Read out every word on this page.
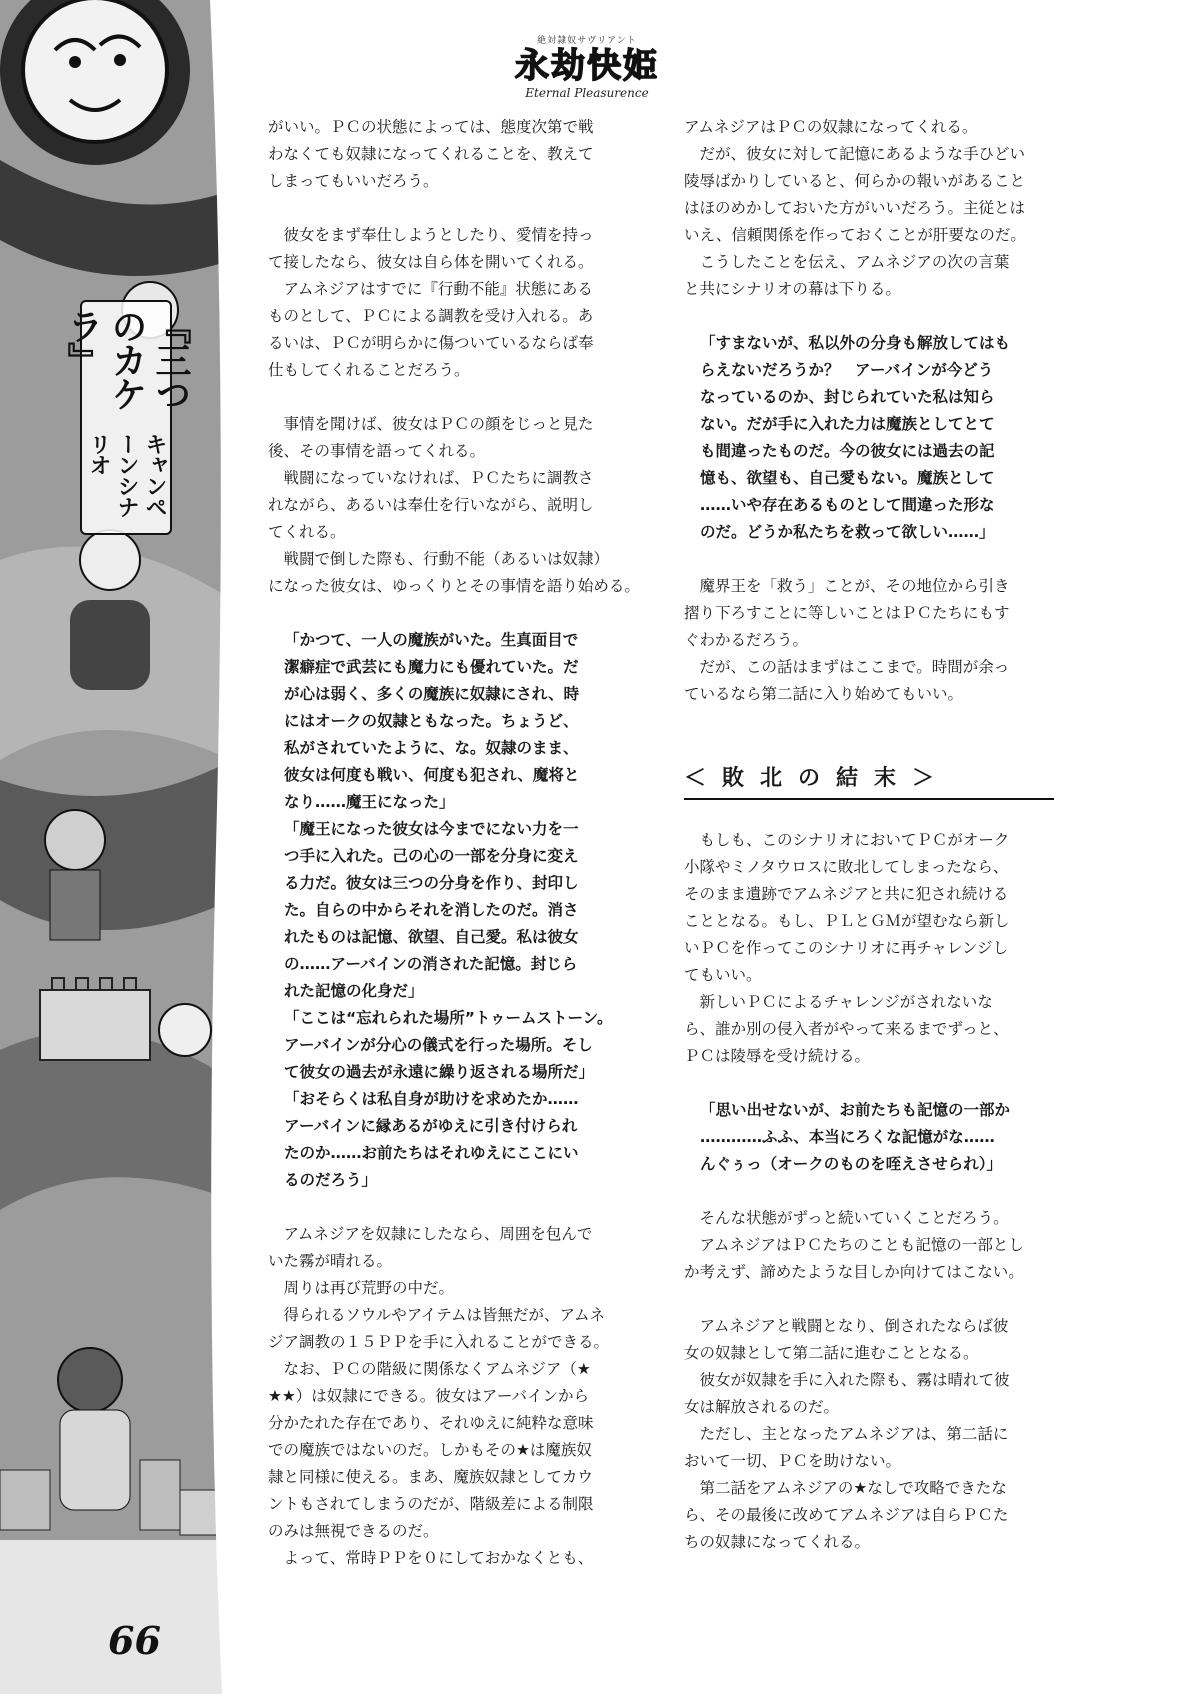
『三つのカケラ』
キャンペーンシナリオ
66
絶対隷奴サヴリアント
永劫快姫
Eternal Pleasurence

がいい。ＰＣの状態によっては、態度次第で戦

わなくても奴隷になってくれることを、教えて

しまってもいいだろう。

　彼女をまず奉仕しようとしたり、愛情を持っ

て接したなら、彼女は自ら体を開いてくれる。

　アムネジアはすでに『行動不能』状態にある

ものとして、ＰＣによる調教を受け入れる。あ

るいは、ＰＣが明らかに傷ついているならば奉

仕もしてくれることだろう。

　事情を聞けば、彼女はＰＣの顔をじっと見た

後、その事情を語ってくれる。

　戦闘になっていなければ、ＰＣたちに調教さ

れながら、あるいは奉仕を行いながら、説明し

てくれる。

　戦闘で倒した際も、行動不能（あるいは奴隷）

になった彼女は、ゆっくりとその事情を語り始める。

「かつて、一人の魔族がいた。生真面目で

潔癖症で武芸にも魔力にも優れていた。だ

が心は弱く、多くの魔族に奴隷にされ、時

にはオークの奴隷ともなった。ちょうど、

私がされていたように、な。奴隷のまま、

彼女は何度も戦い、何度も犯され、魔将と

なり……魔王になった」

「魔王になった彼女は今までにない力を一

つ手に入れた。己の心の一部を分身に変え

る力だ。彼女は三つの分身を作り、封印し

た。自らの中からそれを消したのだ。消さ

れたものは記憶、欲望、自己愛。私は彼女

の……アーバインの消された記憶。封じら

れた記憶の化身だ」

「ここは“忘れられた場所”トゥームストーン。

アーバインが分心の儀式を行った場所。そし

て彼女の過去が永遠に繰り返される場所だ」

「おそらくは私自身が助けを求めたか……

アーバインに縁あるがゆえに引き付けられ

たのか……お前たちはそれゆえにここにい

るのだろう」

　アムネジアを奴隷にしたなら、周囲を包んで

いた霧が晴れる。

　周りは再び荒野の中だ。

　得られるソウルやアイテムは皆無だが、アムネ

ジア調教の１５ＰＰを手に入れることができる。

　なお、ＰＣの階級に関係なくアムネジア（★

★★）は奴隷にできる。彼女はアーバインから

分かたれた存在であり、それゆえに純粋な意味

での魔族ではないのだ。しかもその★は魔族奴

隷と同様に使える。まあ、魔族奴隷としてカウ

ントもされてしまうのだが、階級差による制限

のみは無視できるのだ。

　よって、常時ＰＰを０にしておかなくとも、

アムネジアはＰＣの奴隷になってくれる。

　だが、彼女に対して記憶にあるような手ひどい

陵辱ばかりしていると、何らかの報いがあること

はほのめかしておいた方がいいだろう。主従とは

いえ、信頼関係を作っておくことが肝要なのだ。

　こうしたことを伝え、アムネジアの次の言葉

と共にシナリオの幕は下りる。

「すまないが、私以外の分身も解放してはも

らえないだろうか？　アーバインが今どう

なっているのか、封じられていた私は知ら

ない。だが手に入れた力は魔族としてとて

も間違ったものだ。今の彼女には過去の記

憶も、欲望も、自己愛もない。魔族として

……いや存在あるものとして間違った形な

のだ。どうか私たちを救って欲しい……」

　魔界王を「救う」ことが、その地位から引き

摺り下ろすことに等しいことはＰＣたちにもす

ぐわかるだろう。

　だが、この話はまずはここまで。時間が余っ

ているなら第二話に入り始めてもいい。

＜敗北の結末＞

　もしも、このシナリオにおいてＰＣがオーク

小隊やミノタウロスに敗北してしまったなら、

そのまま遺跡でアムネジアと共に犯され続ける

こととなる。もし、ＰＬとＧＭが望むなら新し

いＰＣを作ってこのシナリオに再チャレンジし

てもいい。

　新しいＰＣによるチャレンジがされないな

ら、誰か別の侵入者がやって来るまでずっと、

ＰＣは陵辱を受け続ける。

「思い出せないが、お前たちも記憶の一部か

…………ふふ、本当にろくな記憶がな……

んぐぅっ（オークのものを咥えさせられ）」

　そんな状態がずっと続いていくことだろう。

　アムネジアはＰＣたちのことも記憶の一部とし

か考えず、諦めたような目しか向けてはこない。

　アムネジアと戦闘となり、倒されたならば彼

女の奴隷として第二話に進むこととなる。

　彼女が奴隷を手に入れた際も、霧は晴れて彼

女は解放されるのだ。

　ただし、主となったアムネジアは、第二話に

おいて一切、ＰＣを助けない。

　第二話をアムネジアの★なしで攻略できたな

ら、その最後に改めてアムネジアは自らＰＣた

ちの奴隷になってくれる。
